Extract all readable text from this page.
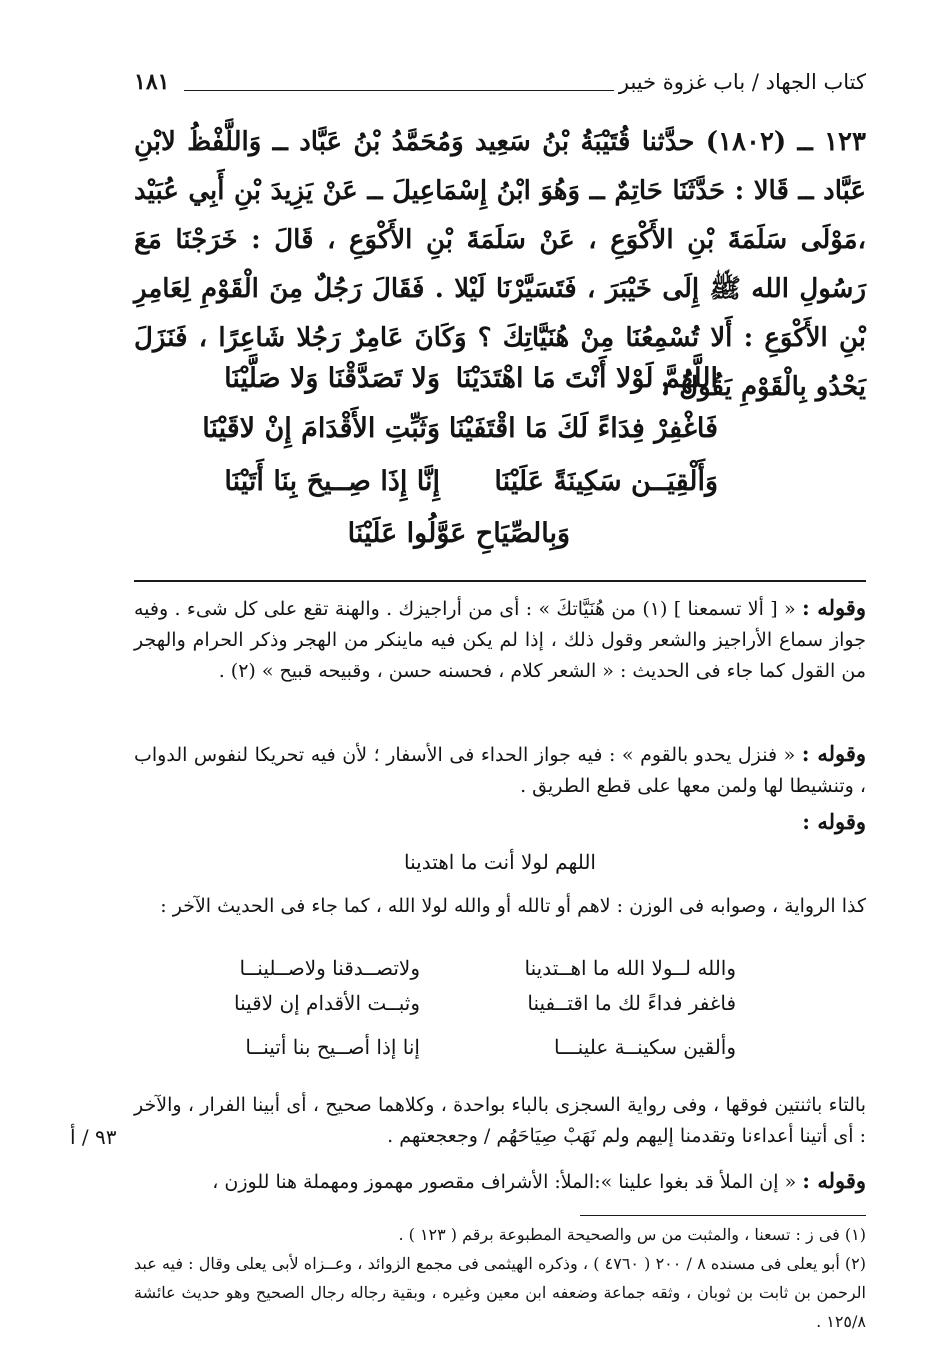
كتاب الجهاد / باب غزوة خيبر
١٨١
١٢٣ ــ (١٨٠٢) حدَّثنا قُتَيْبَةُ بْنُ سَعِيد وَمُحَمَّدُ بْنُ عَبَّاد ــ وَاللَّفْظُ لابْنِ عَبَّاد ــ قَالا : حَدَّثَنَا حَاتِمٌ ــ وَهُوَ ابْنُ إِسْمَاعِيلَ ــ عَنْ يَزِيدَ بْنِ أَبِي عُبَيْد ،مَوْلَى سَلَمَةَ بْنِ الأَكْوَعِ ، عَنْ سَلَمَةَ بْنِ الأَكْوَعِ ، قَالَ : خَرَجْنَا مَعَ رَسُولِ الله ﷺ إِلَى خَيْبَرَ ، فَتَسَيَّرْنَا لَيْلا . فَقَالَ رَجُلٌ مِنَ الْقَوْمِ لِعَامِرِ بْنِ الأَكْوَعِ : أَلا تُسْمِعُنَا مِنْ هُنَيَّاتِكَ ؟ وَكَانَ عَامِرٌ رَجُلا شَاعِرًا ، فَنَزَلَ يَحْدُو بِالْقَوْمِ يَقُولُ :
اللَّهُمَّ لَوْلا أَنْتَ مَا اهْتَدَيْنَا
وَلا تَصَدَّقْنَا وَلا صَلَّيْنَا
فَاغْفِرْ فِدَاءً لَكَ مَا اقْتَفَيْنَا
وَثَبِّتِ الأَقْدَامَ إِنْ لاقَيْنَا
وَأَلْقِيَــن سَكِينَةً عَلَيْنَا
إِنَّا إِذَا صِــيحَ بِنَا أَتَيْنَا
وَبِالصِّيَاحِ عَوَّلُوا عَلَيْنَا
وقوله : « [ ألا تسمعنا ] (١) من هُنَيَّاتكَ » : أى من أراجيزك . والهنة تقع على كل شىء . وفيه جواز سماع الأراجيز والشعر وقول ذلك ، إذا لم يكن فيه ماينكر من الهجر وذكر الحرام والهجر من القول كما جاء فى الحديث : « الشعر كلام ، فحسنه حسن ، وقبيحه قبيح » (٢) .
وقوله : « فنزل يحدو بالقوم » : فيه جواز الحداء فى الأسفار ؛ لأن فيه تحريكا لنفوس الدواب ، وتنشيطا لها ولمن معها على قطع الطريق .
وقوله :
اللهم لولا أنت ما اهتدينا
كذا الرواية ، وصوابه فى الوزن : لاهم أو تالله أو والله لولا الله ، كما جاء فى الحديث الآخر :
والله لــولا الله ما اهــتدينا
ولاتصــدقنا ولاصــلينــا
فاغفر فداءً لك ما اقتــفينا
وثبــت الأقدام إن لاقينا
وألقين سكينــة علينـــا
إنا إذا أصــيح بنا أتينــا
بالتاء باثنتين فوقها ، وفى رواية السجزى بالباء بواحدة ، وكلاهما صحيح ، أى أبينا الفرار ، والآخر : أى أتينا أعداءنا وتقدمنا إليهم ولم نَهَبْ صِيَاحَهُم / وجعجعتهم .
٩٣ / أ
وقوله : « إن الملأ قد بغوا علينا »:الملأ: الأشراف مقصور مهموز ومهملة هنا للوزن ،
(١) فى ز : تسعنا ، والمثبت من س والصحيحة المطبوعة برقم ( ١٢٣ ) .
(٢) أبو يعلى فى مسنده ٨ / ٢٠٠ ( ٤٧٦٠ ) ، وذكره الهيثمى فى مجمع الزوائد ، وعــزاه لأبى يعلى وقال : فيه عبد الرحمن بن ثابت بن ثوبان ، وثقه جماعة وضعفه ابن معين وغيره ، وبقية رجاله رجال الصحيح وهو حديث عائشة ١٢٥/٨ .
